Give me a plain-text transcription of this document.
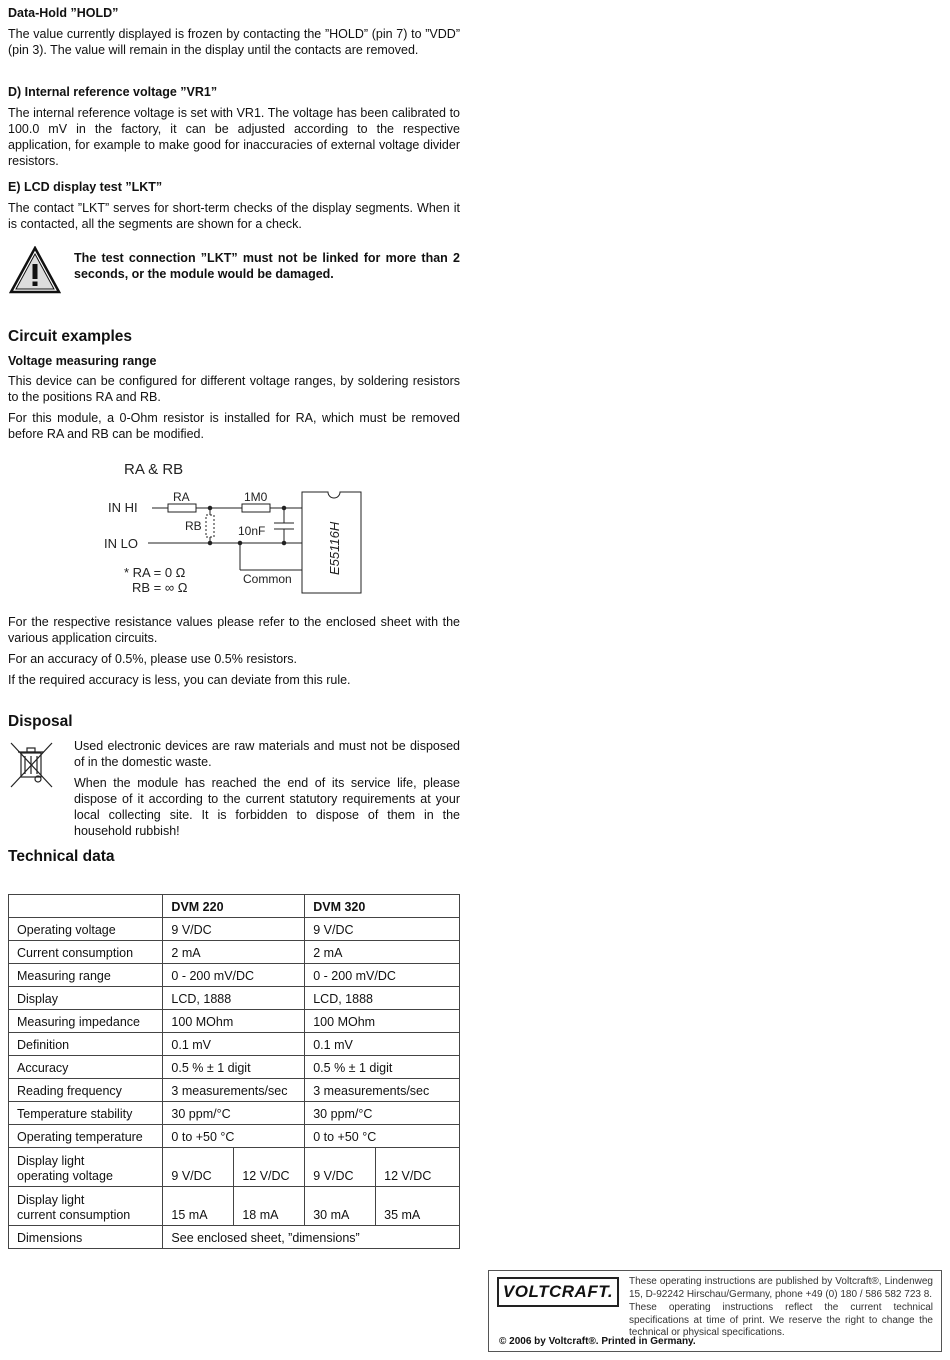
Data-Hold ”HOLD”

The value currently displayed is frozen by contacting the ”HOLD” (pin 7) to ”VDD” (pin 3). The value will remain in the display until the contacts are removed.

D) Internal reference voltage ”VR1”

The internal reference voltage is set with VR1. The voltage has been calibrated to 100.0 mV in the factory, it can be adjusted according to the respective application, for example to make good for inaccuracies of external voltage divider resistors.

E) LCD display test ”LKT”

The contact ”LKT” serves for short-term checks of the display segments. When it is contacted, all the segments are shown for a check.

The test connection ”LKT” must not be linked for more than 2 seconds, or the module would be damaged.

Circuit examples
Voltage measuring range

This device can be configured for different voltage ranges, by soldering resistors to the positions RA and RB.

For this module, a 0-Ohm resistor is installed for RA, which must be removed before RA and RB can be modified.

RA & RB
IN HI
IN LO
RA	1M0
RB	10nF
Common
E55116H
* RA = 0 Ω
RB = ∞ Ω

For the respective resistance values please refer to the enclosed sheet with the various application circuits.

For an accuracy of 0.5%, please use 0.5% resistors.

If the required accuracy is less, you can deviate from this rule.

Disposal

Used electronic devices are raw materials and must not be disposed of in the domestic waste.

When the module has reached the end of its service life, please dispose of it according to the current statutory requirements at your local collecting site. It is forbidden to dispose of them in the household rubbish!

Technical data
	DVM 220		DVM 320	
Operating voltage	9 V/DC		9 V/DC	
Current consumption	2 mA		2 mA	
Measuring range	0 - 200 mV/DC		0 - 200 mV/DC	
Display	LCD, 1888		LCD, 1888	
Measuring impedance	100 MOhm		100 MOhm	
Definition	0.1 mV		0.1 mV	
Accuracy	0.5 % ± 1 digit		0.5 % ± 1 digit	
Reading frequency	3 measurements/sec		3 measurements/sec	
Temperature stability	30 ppm/°C		30 ppm/°C	
Operating temperature	0 to +50 °C		0 to +50 °C	
Display light
operating voltage	9 V/DC	12 V/DC	9 V/DC	12 V/DC
Display light
current consumption	15 mA	18 mA	30 mA	35 mA
Dimensions	See enclosed sheet, ”dimensions”			
VOLTCRAFT.
These operating instructions are published by Voltcraft®, Lindenweg 15, D-92242 Hirschau/Germany, phone +49 (0) 180 / 586 582 723 8.
These operating instructions reflect the current technical specifications at time of print. We reserve the right to change the technical or physical specifications.
© 2006 by Voltcraft®. Printed in Germany.
